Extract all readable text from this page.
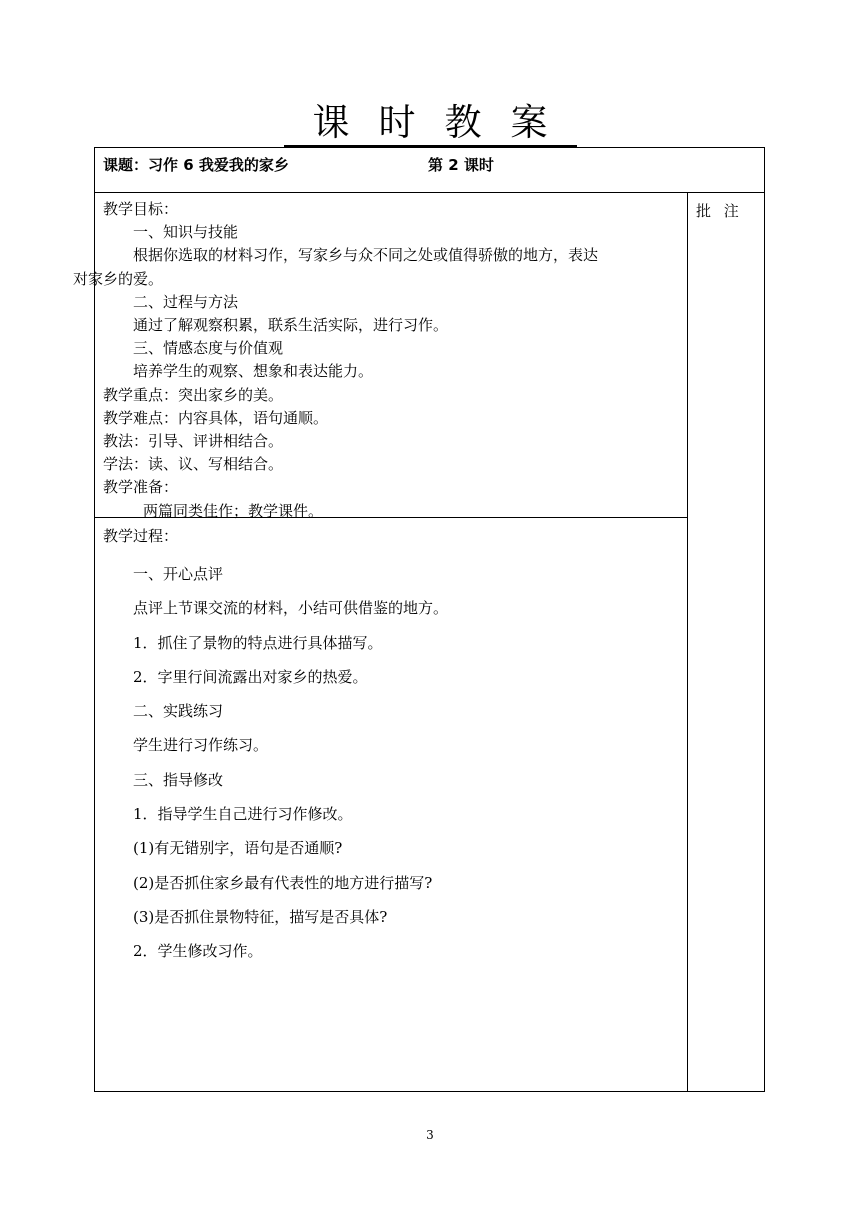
课时教案
课题：习作 6 我爱我的家乡	第 2 课时
批 注

教学目标：

一、知识与技能

根据你选取的材料习作，写家乡与众不同之处或值得骄傲的地方，表达
对家乡的爱。

二、过程与方法

通过了解观察积累，联系生活实际，进行习作。

三、情感态度与价值观

培养学生的观察、想象和表达能力。

教学重点：突出家乡的美。

教学难点：内容具体，语句通顺。

教法：引导、评讲相结合。

学法：读、议、写相结合。

教学准备：

两篇同类佳作；教学课件。

教学过程：

一、开心点评

点评上节课交流的材料，小结可供借鉴的地方。

1．抓住了景物的特点进行具体描写。

2．字里行间流露出对家乡的热爱。

二、实践练习

学生进行习作练习。

三、指导修改

1．指导学生自己进行习作修改。

(1)有无错别字，语句是否通顺?

(2)是否抓住家乡最有代表性的地方进行描写?

(3)是否抓住景物特征，描写是否具体?

2．学生修改习作。

3
